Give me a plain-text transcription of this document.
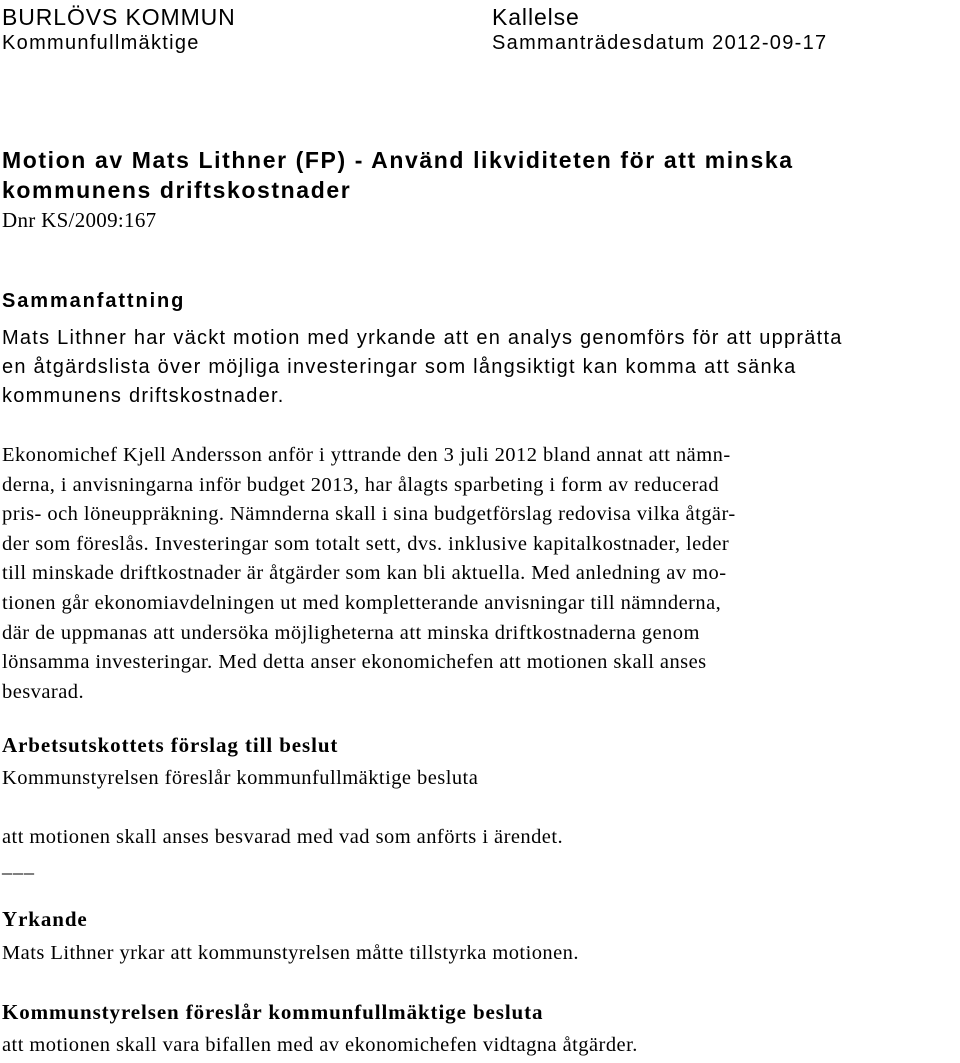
BURLÖVS KOMMUN	Kallelse
Kommunfullmäktige	Sammanträdesdatum 2012-09-17
Motion av Mats Lithner (FP) - Använd likviditeten för att minska
kommunens driftskostnader
Dnr KS/2009:167
Sammanfattning
Mats Lithner har väckt motion med yrkande att en analys genomförs för att upprätta
en åtgärdslista över möjliga investeringar som långsiktigt kan komma att sänka
kommunens driftskostnader.
Ekonomichef Kjell Andersson anför i yttrande den 3 juli 2012 bland annat att nämn-
derna, i anvisningarna inför budget 2013, har ålagts sparbeting i form av reducerad
pris- och löneuppräkning. Nämnderna skall i sina budgetförslag redovisa vilka åtgär-
der som föreslås. Investeringar som totalt sett, dvs. inklusive kapitalkostnader, leder
till minskade driftkostnader är åtgärder som kan bli aktuella. Med anledning av mo-
tionen går ekonomiavdelningen ut med kompletterande anvisningar till nämnderna,
där de uppmanas att undersöka möjligheterna att minska driftkostnaderna genom
lönsamma investeringar. Med detta anser ekonomichefen att motionen skall anses
besvarad.
Arbetsutskottets förslag till beslut
Kommunstyrelsen föreslår kommunfullmäktige besluta
att motionen skall anses besvarad med vad som anförts i ärendet.
___
Yrkande
Mats Lithner yrkar att kommunstyrelsen måtte tillstyrka motionen.
Kommunstyrelsen föreslår kommunfullmäktige besluta
att motionen skall vara bifallen med av ekonomichefen vidtagna åtgärder.
